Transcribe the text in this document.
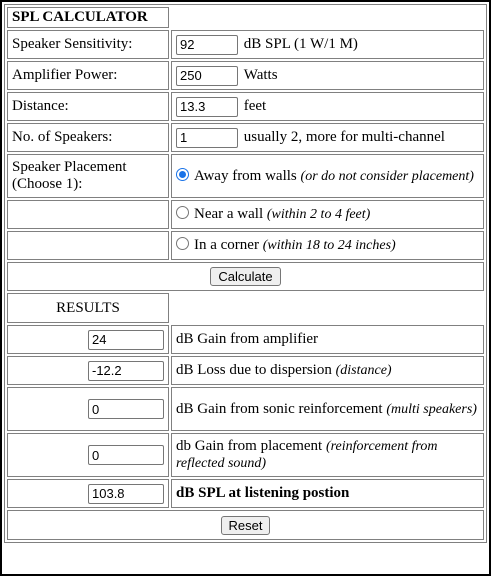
SPL CALCULATOR	
Speaker Sensitivity:	92dB SPL (1 W/1 M)
Amplifier Power:	250Watts
Distance:	13.3feet
No. of Speakers:	1usually 2, more for multi-channel
Speaker Placement
(Choose 1):	Away from walls (or do not consider placement)
	Near a wall (within 2 to 4 feet)
	In a corner (within 18 to 24 inches)
Calculate	
RESULTS	
24	dB Gain from amplifier
-12.2	dB Loss due to dispersion (distance)
0	dB Gain from sonic reinforcement (multi speakers)
0	db Gain from placement (reinforcement from reflected sound)
103.8	dB SPL at listening postion
Reset	
